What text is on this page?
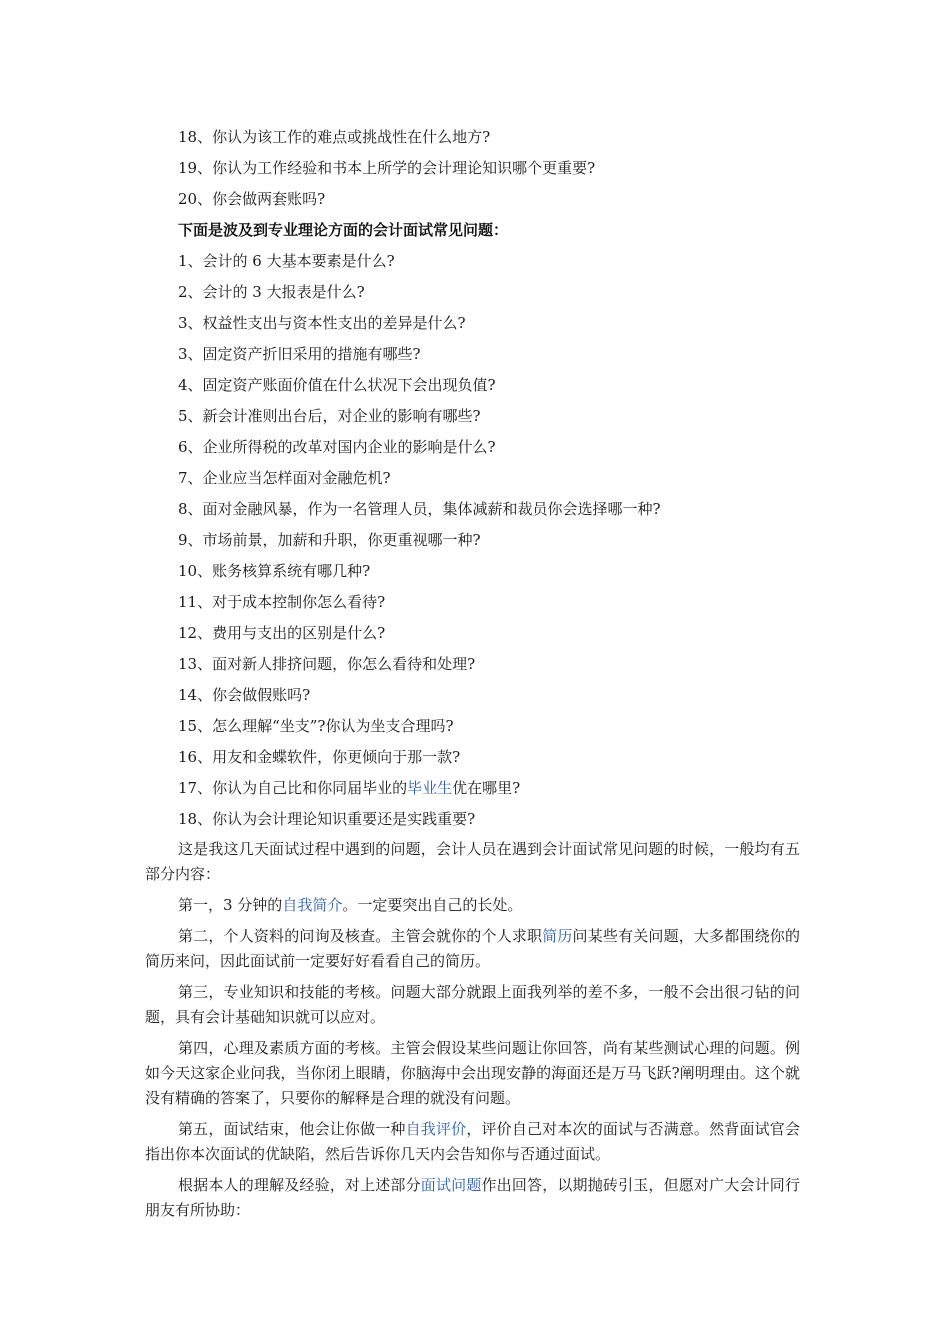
18、你认为该工作的难点或挑战性在什么地方?
19、你认为工作经验和书本上所学的会计理论知识哪个更重要?
20、你会做两套账吗?
下面是波及到专业理论方面的会计面试常见问题：
1、会计的 6 大基本要素是什么?
2、会计的 3 大报表是什么?
3、权益性支出与资本性支出的差异是什么?
3、固定资产折旧采用的措施有哪些?
4、固定资产账面价值在什么状况下会出现负值?
5、新会计准则出台后，对企业的影响有哪些?
6、企业所得税的改革对国内企业的影响是什么?
7、企业应当怎样面对金融危机?
8、面对金融风暴，作为一名管理人员，集体减薪和裁员你会选择哪一种?
9、市场前景，加薪和升职，你更重视哪一种?
10、账务核算系统有哪几种?
11、对于成本控制你怎么看待?
12、费用与支出的区别是什么?
13、面对新人排挤问题，你怎么看待和处理?
14、你会做假账吗?
15、怎么理解“坐支”?你认为坐支合理吗?
16、用友和金蝶软件，你更倾向于那一款?
17、你认为自己比和你同届毕业的毕业生优在哪里?
18、你认为会计理论知识重要还是实践重要?
这是我这几天面试过程中遇到的问题，会计人员在遇到会计面试常见问题的时候，一般均有五部分内容：
第一，3 分钟的自我简介。一定要突出自己的长处。
第二，个人资料的问询及核查。主管会就你的个人求职简历问某些有关问题，大多都围绕你的简历来问，因此面试前一定要好好看看自己的简历。
第三，专业知识和技能的考核。问题大部分就跟上面我列举的差不多，一般不会出很刁钻的问题，具有会计基础知识就可以应对。
第四，心理及素质方面的考核。主管会假设某些问题让你回答，尚有某些测试心理的问题。例如今天这家企业问我，当你闭上眼睛，你脑海中会出现安静的海面还是万马飞跃?阐明理由。这个就没有精确的答案了，只要你的解释是合理的就没有问题。
第五，面试结束，他会让你做一种自我评价，评价自己对本次的面试与否满意。然背面试官会指出你本次面试的优缺陷，然后告诉你几天内会告知你与否通过面试。
根据本人的理解及经验，对上述部分面试问题作出回答，以期抛砖引玉，但愿对广大会计同行朋友有所协助：
